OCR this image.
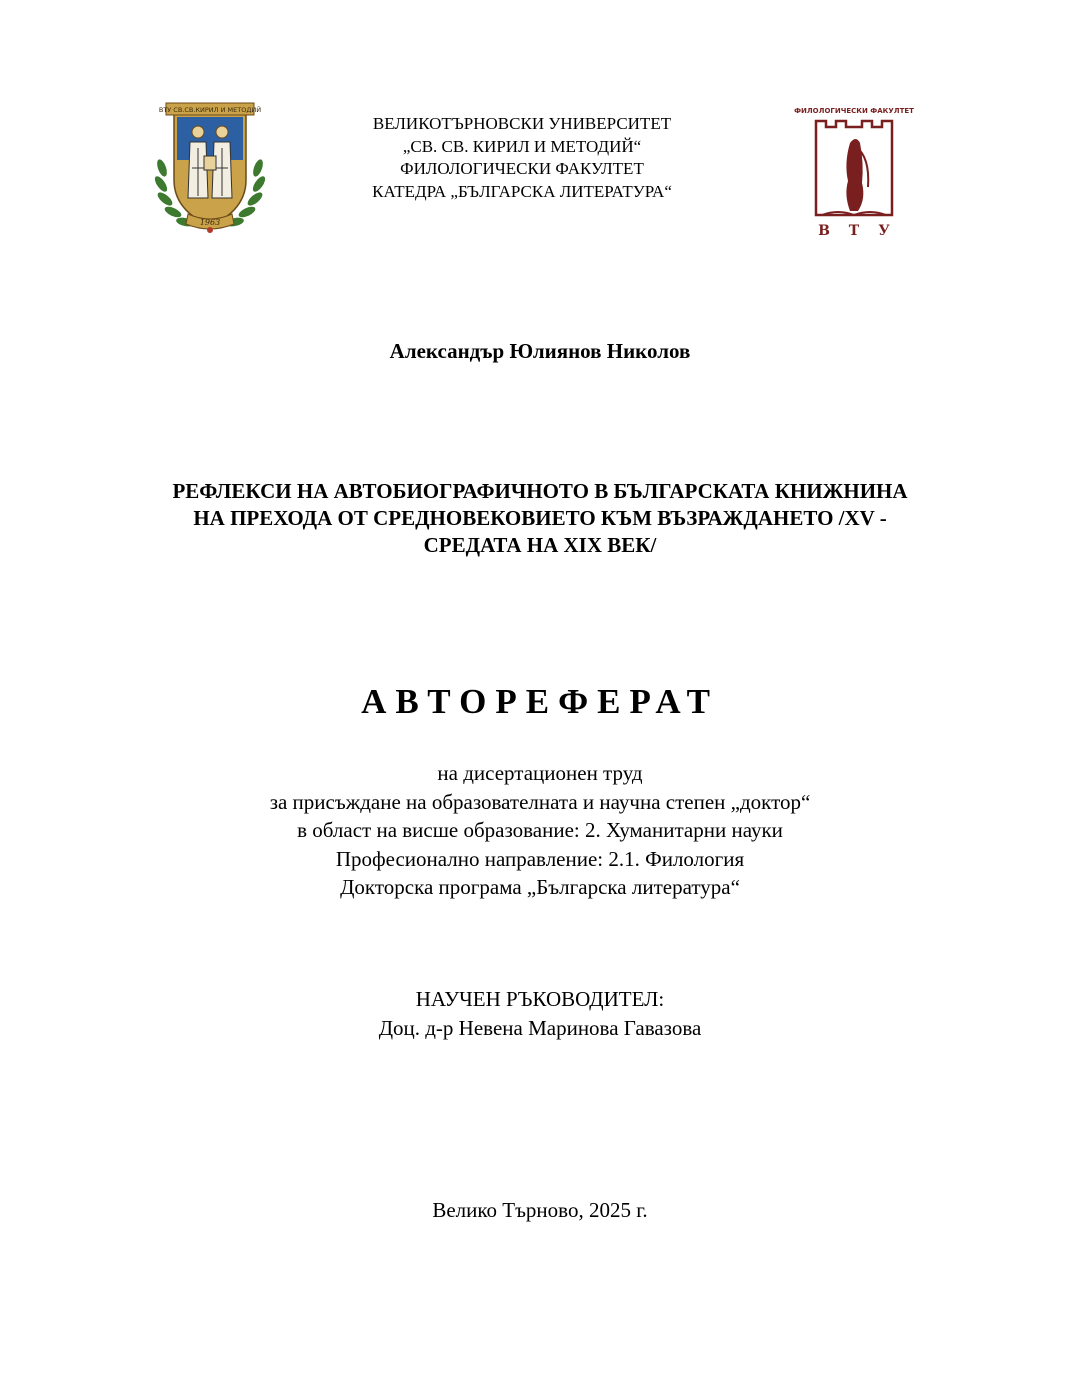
ВТУ СВ.СВ.КИРИЛ И МЕТОДИЙ
1963
ВЕЛИКОТЪРНОВСКИ УНИВЕРСИТЕТ
„СВ. СВ. КИРИЛ И МЕТОДИЙ“
ФИЛОЛОГИЧЕСКИ ФАКУЛТЕТ
КАТЕДРА „БЪЛГАРСКА ЛИТЕРАТУРА“
ФИЛОЛОГИЧЕСКИ ФАКУЛТЕТ
В Т У
Александър Юлиянов Николов
РЕФЛЕКСИ НА АВТОБИОГРАФИЧНОТО В БЪЛГАРСКАТА КНИЖНИНА
НА ПРЕХОДА ОТ СРЕДНОВЕКОВИЕТО КЪМ ВЪЗРАЖДАНЕТО /XV -
СРЕДАТА НА XIX ВЕК/
АВТОРЕФЕРАТ
на дисертационен труд
за присъждане на образователната и научна степен „доктор“
в област на висше образование: 2. Хуманитарни науки
Професионално направление: 2.1. Филология
Докторска програма „Българска литература“
НАУЧЕН РЪКОВОДИТЕЛ:
Доц. д-р Невена Маринова Гавазова
Велико Търново, 2025 г.
